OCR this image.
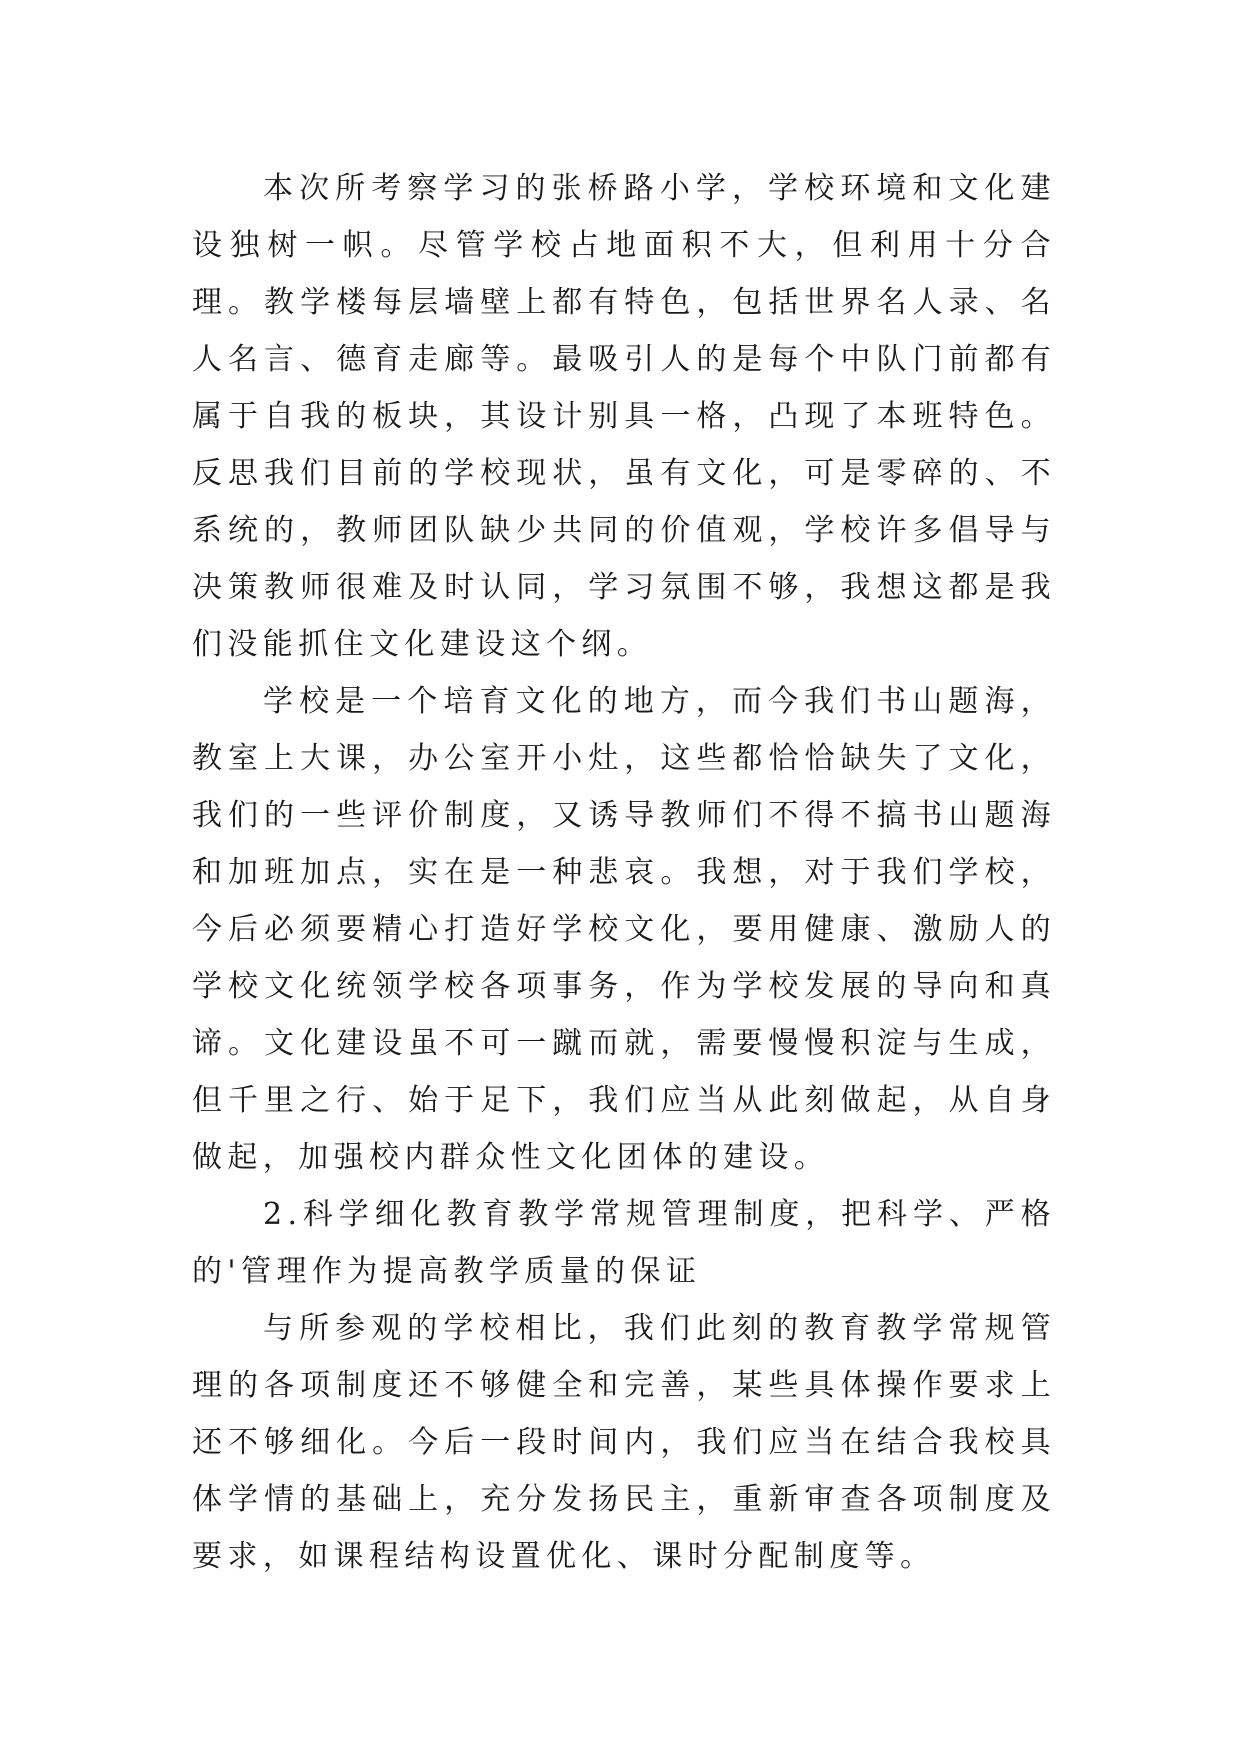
本次所考察学习的张桥路小学，学校环境和文化建设独树一帜。尽管学校占地面积不大，但利用十分合理。教学楼每层墙壁上都有特色，包括世界名人录、名人名言、德育走廊等。最吸引人的是每个中队门前都有属于自我的板块，其设计别具一格，凸现了本班特色。反思我们目前的学校现状，虽有文化，可是零碎的、不系统的，教师团队缺少共同的价值观，学校许多倡导与决策教师很难及时认同，学习氛围不够，我想这都是我们没能抓住文化建设这个纲。

学校是一个培育文化的地方，而今我们书山题海，教室上大课，办公室开小灶，这些都恰恰缺失了文化，我们的一些评价制度，又诱导教师们不得不搞书山题海和加班加点，实在是一种悲哀。我想，对于我们学校，今后必须要精心打造好学校文化，要用健康、激励人的学校文化统领学校各项事务，作为学校发展的导向和真谛。文化建设虽不可一蹴而就，需要慢慢积淀与生成，但千里之行、始于足下，我们应当从此刻做起，从自身做起，加强校内群众性文化团体的建设。

2.科学细化教育教学常规管理制度，把科学、严格的'管理作为提高教学质量的保证

与所参观的学校相比，我们此刻的教育教学常规管理的各项制度还不够健全和完善，某些具体操作要求上还不够细化。今后一段时间内，我们应当在结合我校具体学情的基础上，充分发扬民主，重新审查各项制度及要求，如课程结构设置优化、课时分配制度等。
